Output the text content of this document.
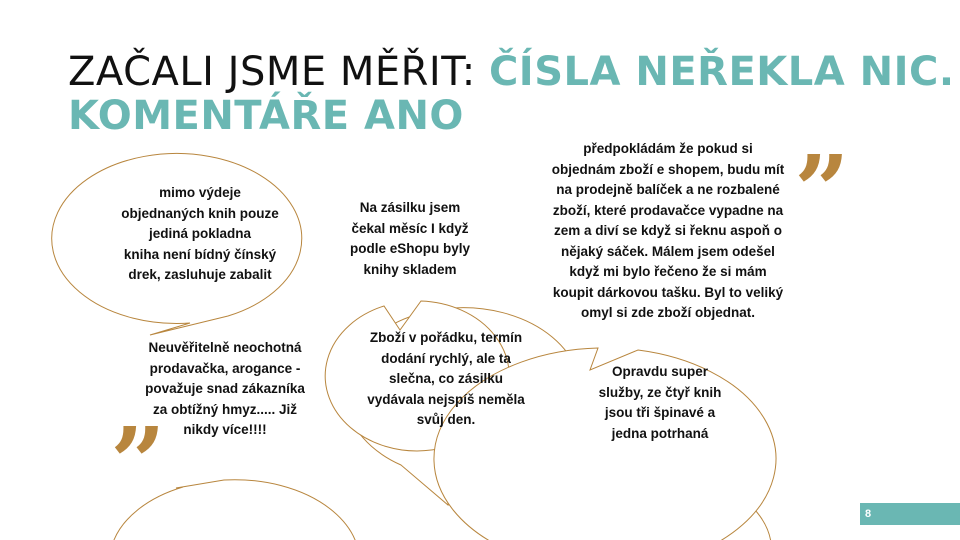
ZAČALI JSME MĚŘIT: ČÍSLA NEŘEKLA NIC.
KOMENTÁŘE ANO	„
„
mimo výdeje
objednaných knih pouze
jediná pokladna
kniha není bídný čínský
drek, zasluhuje zabalit
Na zásilku jsem
čekal měsíc I když
podle eShopu byly
knihy skladem
předpokládám že pokud si
objednám zboží e shopem, budu mít
na prodejně balíček a ne rozbalené
zboží, které prodavačce vypadne na
zem a diví se když si řeknu aspoň o
nějaký sáček. Málem jsem odešel
když mi bylo řečeno že si mám
koupit dárkovou tašku. Byl to veliký
omyl si zde zboží objednat.
Neuvěřitelně neochotná
prodavačka, arogance -
považuje snad zákazníka
za obtížný hmyz..... Již
nikdy více!!!!
Zboží v pořádku, termín
dodání rychlý, ale ta
slečna, co zásilku
vydávala nejspíš neměla
svůj den.
Opravdu super
služby, ze čtyř knih
jsou tři špinavé a
jedna potrhaná
8
